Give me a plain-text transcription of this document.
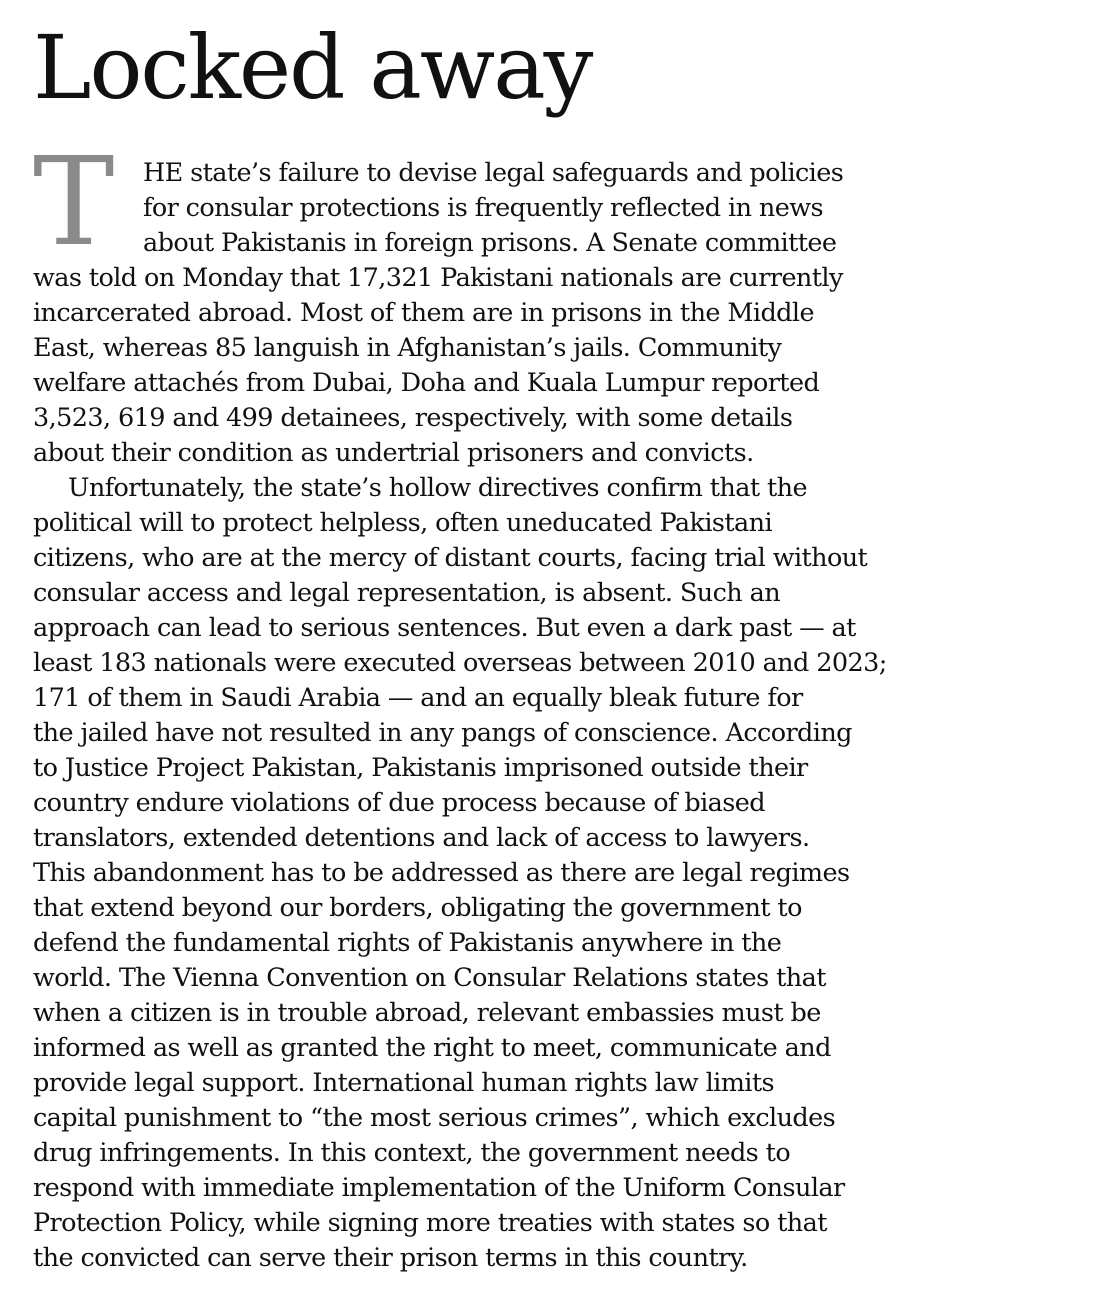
Locked away
T	HE state’s failure to devise legal safeguards and policies
for consular protections is frequently reflected in news
about Pakistanis in foreign prisons. A Senate committee
was told on Monday that 17,321 Pakistani nationals are currently
incarcerated abroad. Most of them are in prisons in the Middle
East, whereas 85 languish in Afghanistan’s jails. Community
welfare attachés from Dubai, Doha and Kuala Lumpur reported
3,523, 619 and 499 detainees, respectively, with some details
about their condition as undertrial prisoners and convicts.
Unfortunately, the state’s hollow directives confirm that the
political will to protect helpless, often uneducated Pakistani
citizens, who are at the mercy of distant courts, facing trial without
consular access and legal representation, is absent. Such an
approach can lead to serious sentences. But even a dark past — at
least 183 nationals were executed overseas between 2010 and 2023;
171 of them in Saudi Arabia — and an equally bleak future for
the jailed have not resulted in any pangs of conscience. According
to Justice Project Pakistan, Pakistanis imprisoned outside their
country endure violations of due process because of biased
translators, extended detentions and lack of access to lawyers.
This abandonment has to be addressed as there are legal regimes
that extend beyond our borders, obligating the government to
defend the fundamental rights of Pakistanis anywhere in the
world. The Vienna Convention on Consular Relations states that
when a citizen is in trouble abroad, relevant embassies must be
informed as well as granted the right to meet, communicate and
provide legal support. International human rights law limits
capital punishment to “the most serious crimes”, which excludes
drug infringements. In this context, the government needs to
respond with immediate implementation of the Uniform Consular
Protection Policy, while signing more treaties with states so that
the convicted can serve their prison terms in this country.
